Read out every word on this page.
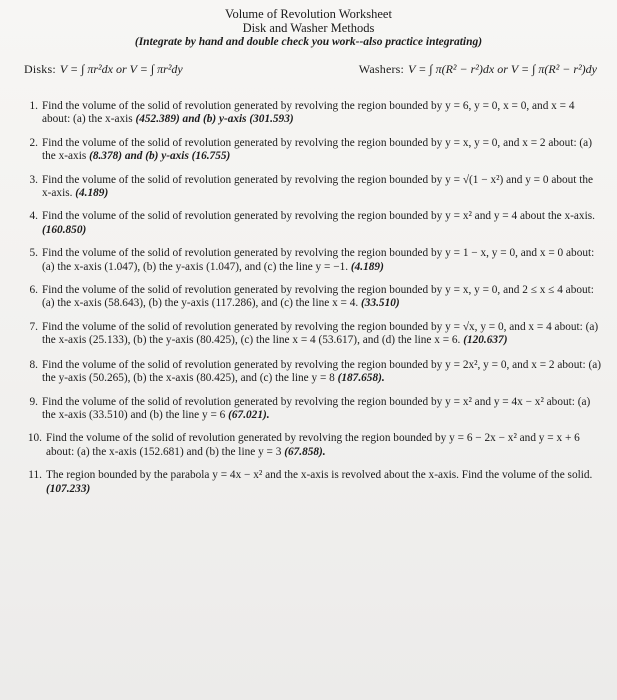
Volume of Revolution Worksheet
Disk and Washer Methods
(Integrate by hand and double check you work--also practice integrating)
Disks: V = ∫ πr²dx or V = ∫ πr²dy	Washers: V = ∫ π(R² − r²)dx or V = ∫ π(R² − r²)dy
1. Find the volume of the solid of revolution generated by revolving the region bounded by y = 6, y = 0, x = 0, and x = 4 about: (a) the x-axis (452.389) and (b) y-axis (301.593)
2. Find the volume of the solid of revolution generated by revolving the region bounded by y = x, y = 0, and x = 2 about: (a) the x-axis (8.378) and (b) y-axis (16.755)
3. Find the volume of the solid of revolution generated by revolving the region bounded by y = √(1 − x²) and y = 0 about the x-axis. (4.189)
4. Find the volume of the solid of revolution generated by revolving the region bounded by y = x² and y = 4 about the x-axis. (160.850)
5. Find the volume of the solid of revolution generated by revolving the region bounded by y = 1 − x, y = 0, and x = 0 about: (a) the x-axis (1.047), (b) the y-axis (1.047), and (c) the line y = −1. (4.189)
6. Find the volume of the solid of revolution generated by revolving the region bounded by y = x, y = 0, and 2 ≤ x ≤ 4 about: (a) the x-axis (58.643), (b) the y-axis (117.286), and (c) the line x = 4. (33.510)
7. Find the volume of the solid of revolution generated by revolving the region bounded by y = √x, y = 0, and x = 4 about: (a) the x-axis (25.133), (b) the y-axis (80.425), (c) the line x = 4 (53.617), and (d) the line x = 6. (120.637)
8. Find the volume of the solid of revolution generated by revolving the region bounded by y = 2x², y = 0, and x = 2 about: (a) the y-axis (50.265), (b) the x-axis (80.425), and (c) the line y = 8 (187.658).
9. Find the volume of the solid of revolution generated by revolving the region bounded by y = x² and y = 4x − x² about: (a) the x-axis (33.510) and (b) the line y = 6 (67.021).
10. Find the volume of the solid of revolution generated by revolving the region bounded by y = 6 − 2x − x² and y = x + 6 about: (a) the x-axis (152.681) and (b) the line y = 3 (67.858).
11. The region bounded by the parabola y = 4x − x² and the x-axis is revolved about the x-axis. Find the volume of the solid. (107.233)
